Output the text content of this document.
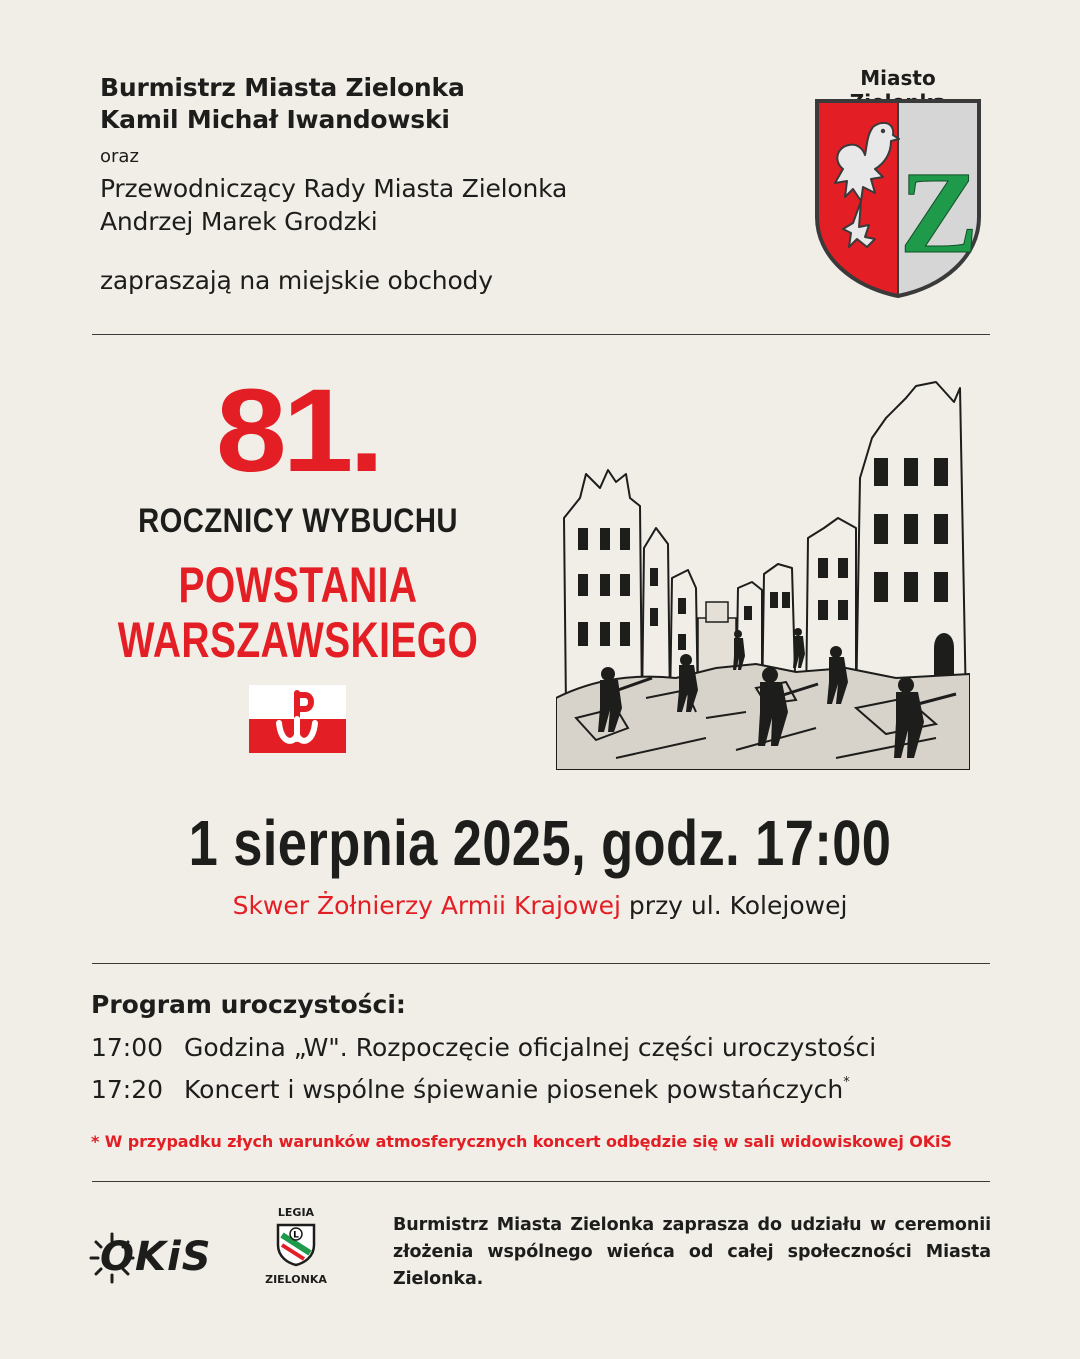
Burmistrz Miasta Zielonka
Kamil Michał Iwandowski
oraz
Przewodniczący Rady Miasta Zielonka
Andrzej Marek Grodzki
zapraszają na miejskie obchody
Miasto
Z
81.
ROCZNICY WYBUCHU
POWSTANIA
WARSZAWSKIEGO
1 sierpnia 2025, godz. 17:00
Skwer Żołnierzy Armii Krajowej przy ul. Kolejowej
Program uroczystości:
17:00 Godzina „W". Rozpoczęcie oficjalnej części uroczystości
17:20 Koncert i wspólne śpiewanie piosenek powstańczych *
* W przypadku złych warunków atmosferycznych koncert odbędzie się w sali widowiskowej OKiS
OKiS
LEGIA
L
ZIELONKA
Burmistrz Miasta Zielonka zaprasza do udziału w ceremonii złożenia wspólnego wieńca od całej społeczności Miasta Zielonka.
